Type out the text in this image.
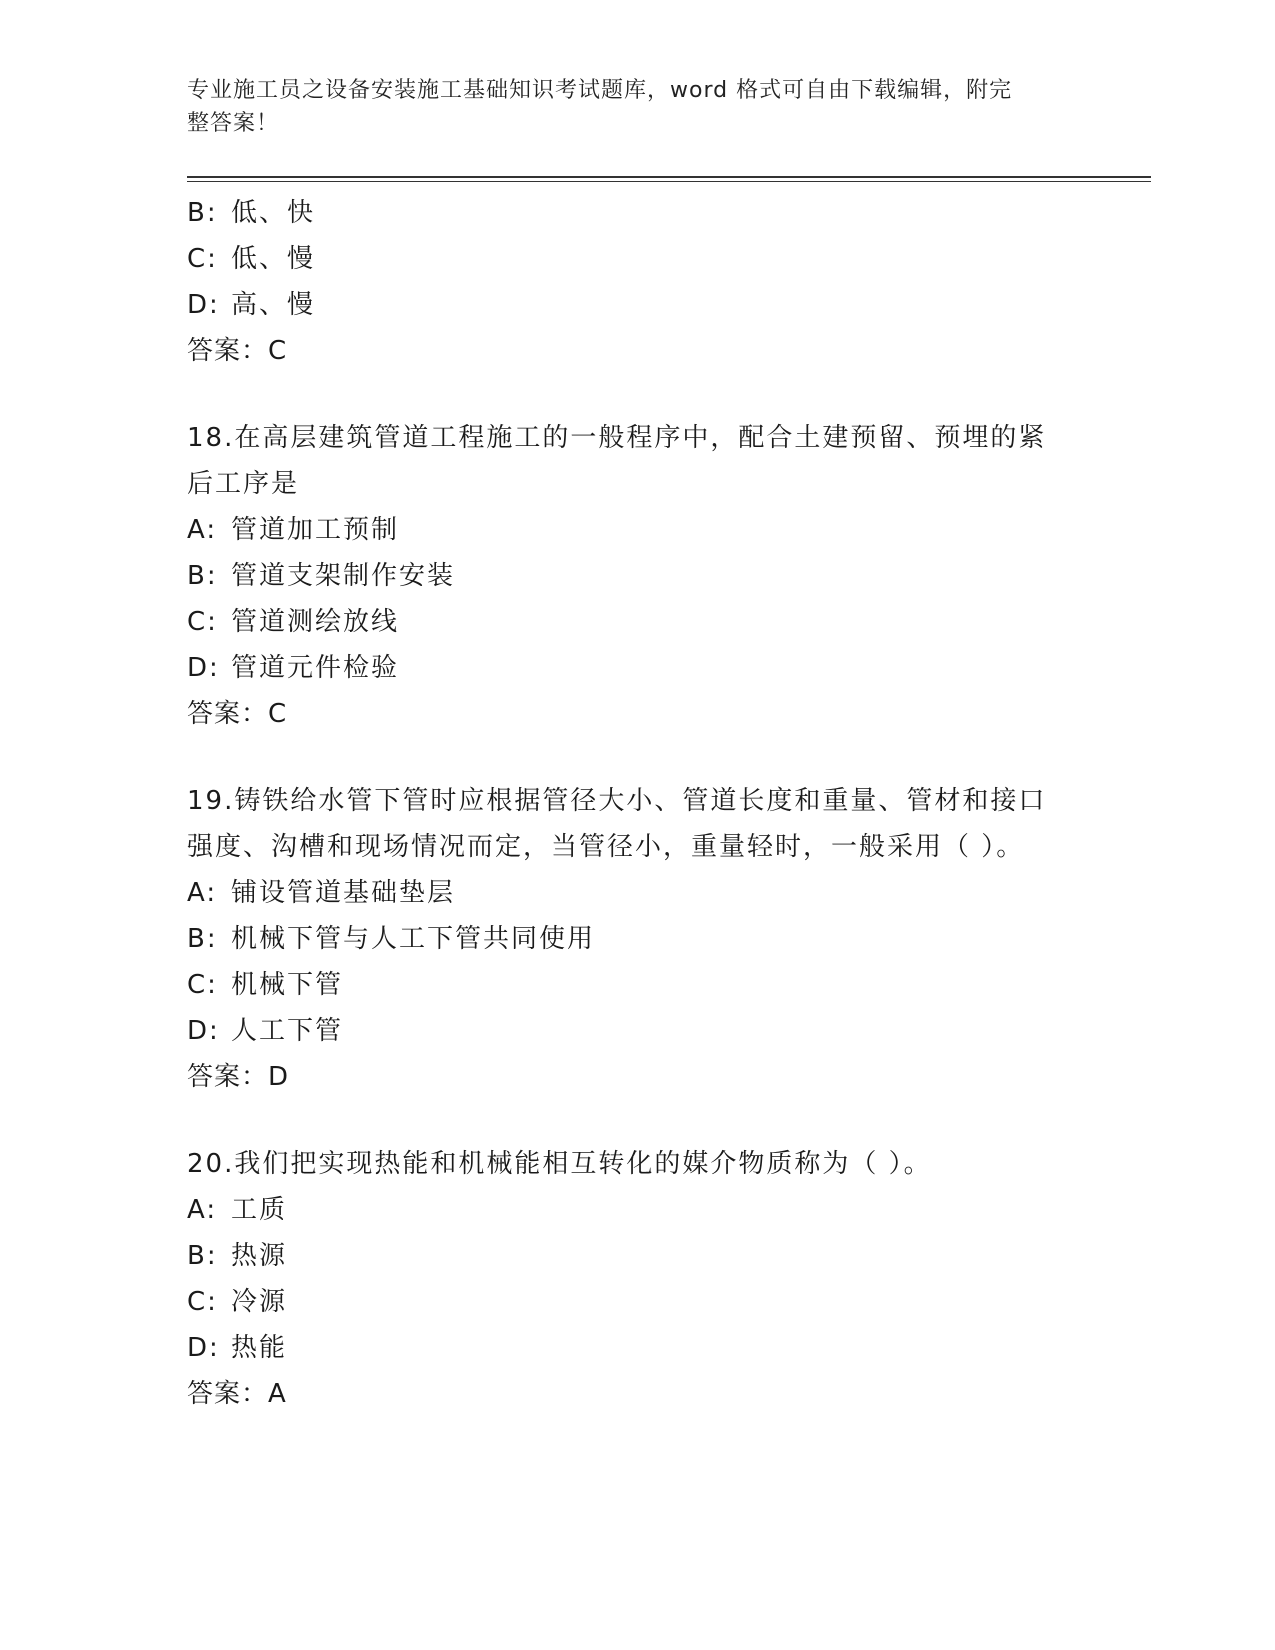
专业施工员之设备安装施工基础知识考试题库，word 格式可自由下载编辑，附完
整答案！
B: 低、快
C: 低、慢
D: 高、慢
答案：C
18.在高层建筑管道工程施工的一般程序中，配合土建预留、预埋的紧
后工序是
A: 管道加工预制
B: 管道支架制作安装
C: 管道测绘放线
D: 管道元件检验
答案：C
19.铸铁给水管下管时应根据管径大小、管道长度和重量、管材和接口
强度、沟槽和现场情况而定，当管径小，重量轻时，一般采用（ ）。
A: 铺设管道基础垫层
B: 机械下管与人工下管共同使用
C: 机械下管
D: 人工下管
答案：D
20.我们把实现热能和机械能相互转化的媒介物质称为（ ）。
A: 工质
B: 热源
C: 冷源
D: 热能
答案：A
